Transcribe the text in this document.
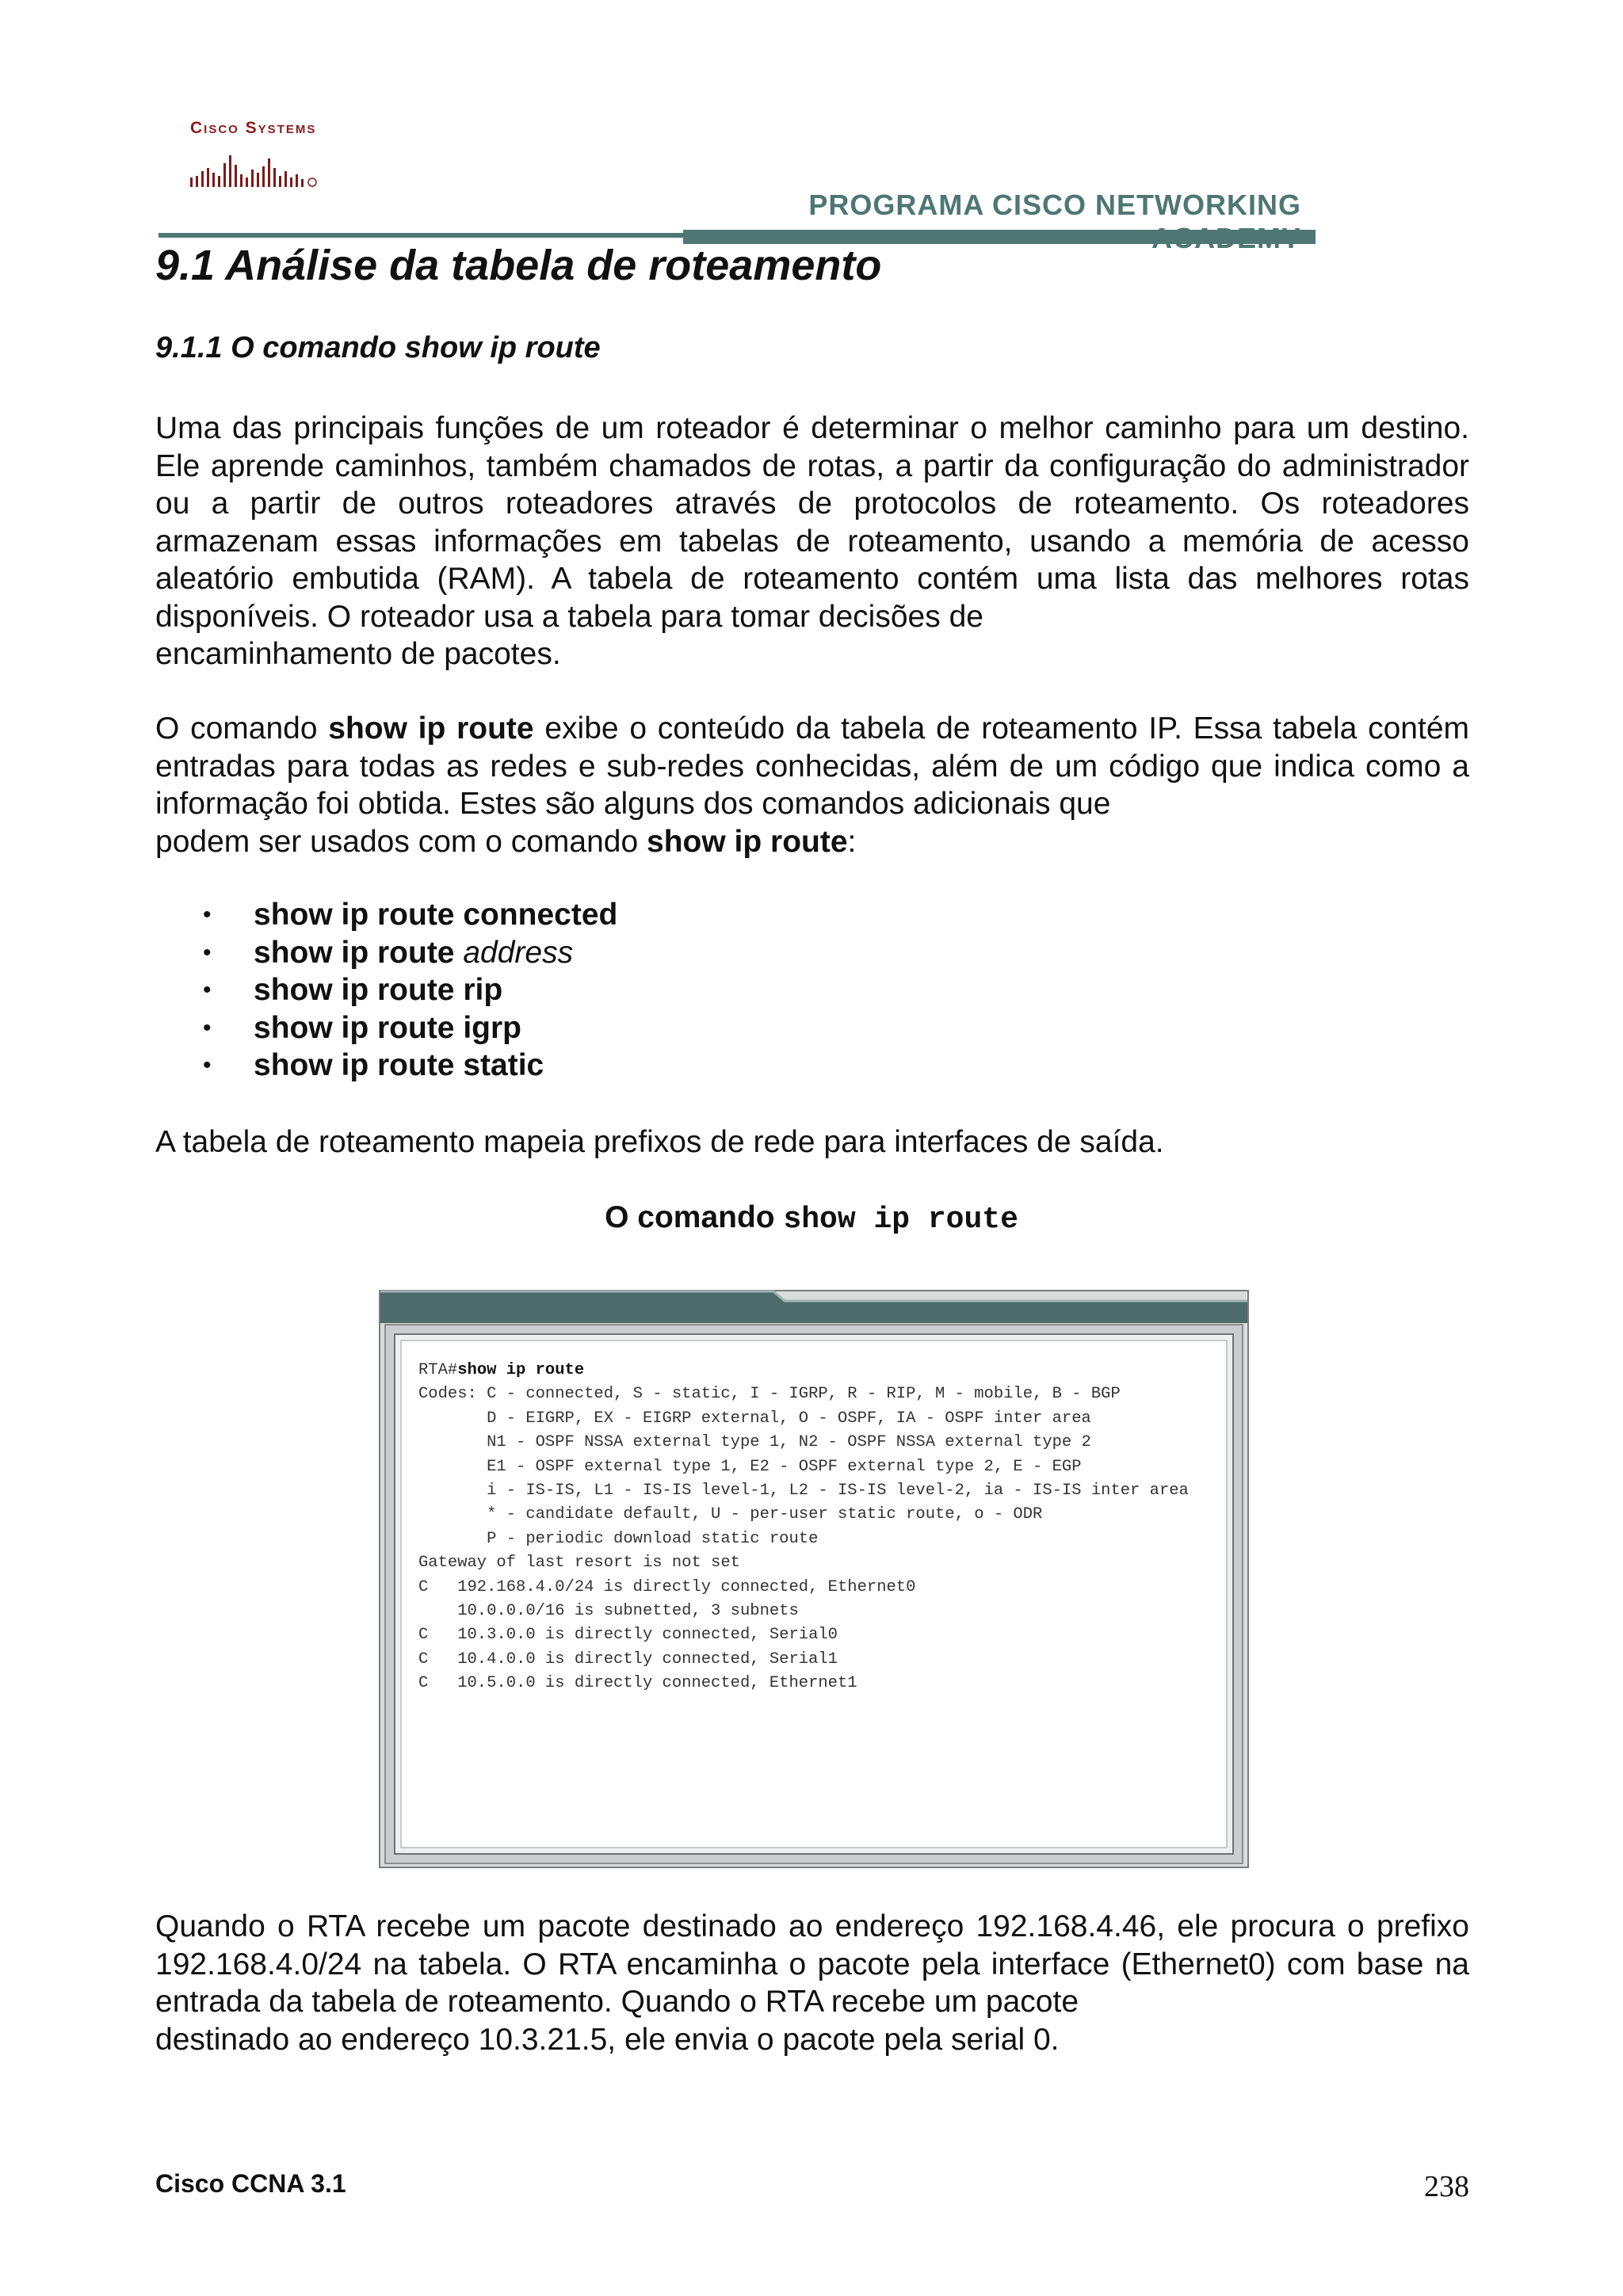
Cisco Systems
PROGRAMA CISCO NETWORKING
9.1 Análise da tabela de roteamento
9.1.1 O comando show ip route
Uma das principais funções de um roteador é determinar o melhor caminho para um destino. Ele aprende caminhos, também chamados de rotas, a partir da configuração do administrador ou a partir de outros roteadores através de protocolos de roteamento. Os roteadores armazenam essas informações em tabelas de roteamento, usando a memória de acesso aleatório embutida (RAM). A tabela de roteamento contém uma lista das melhores rotas disponíveis. O roteador usa a tabela para tomar decisões de
encaminhamento de pacotes.
O comando show ip route exibe o conteúdo da tabela de roteamento IP. Essa tabela contém entradas para todas as redes e sub-redes conhecidas, além de um código que indica como a informação foi obtida. Estes são alguns dos comandos adicionais que
podem ser usados com o comando show ip route:
• show ip route connected
• show ip route address
• show ip route rip
• show ip route igrp
• show ip route static
A tabela de roteamento mapeia prefixos de rede para interfaces de saída.
O comando show ip route
RTA#show ip route
Codes: C - connected, S - static, I - IGRP, R - RIP, M - mobile, B - BGP
D - EIGRP, EX - EIGRP external, O - OSPF, IA - OSPF inter area
N1 - OSPF NSSA external type 1, N2 - OSPF NSSA external type 2
E1 - OSPF external type 1, E2 - OSPF external type 2, E - EGP
i - IS-IS, L1 - IS-IS level-1, L2 - IS-IS level-2, ia - IS-IS inter area
* - candidate default, U - per-user static route, o - ODR
P - periodic download static route
Gateway of last resort is not set
C   192.168.4.0/24 is directly connected, Ethernet0
10.0.0.0/16 is subnetted, 3 subnets
C   10.3.0.0 is directly connected, Serial0
C   10.4.0.0 is directly connected, Serial1
C   10.5.0.0 is directly connected, Ethernet1
Quando o RTA recebe um pacote destinado ao endereço 192.168.4.46, ele procura o prefixo 192.168.4.0/24 na tabela. O RTA encaminha o pacote pela interface (Ethernet0) com base na entrada da tabela de roteamento. Quando o RTA recebe um pacote
destinado ao endereço 10.3.21.5, ele envia o pacote pela serial 0.
Cisco CCNA 3.1	238
